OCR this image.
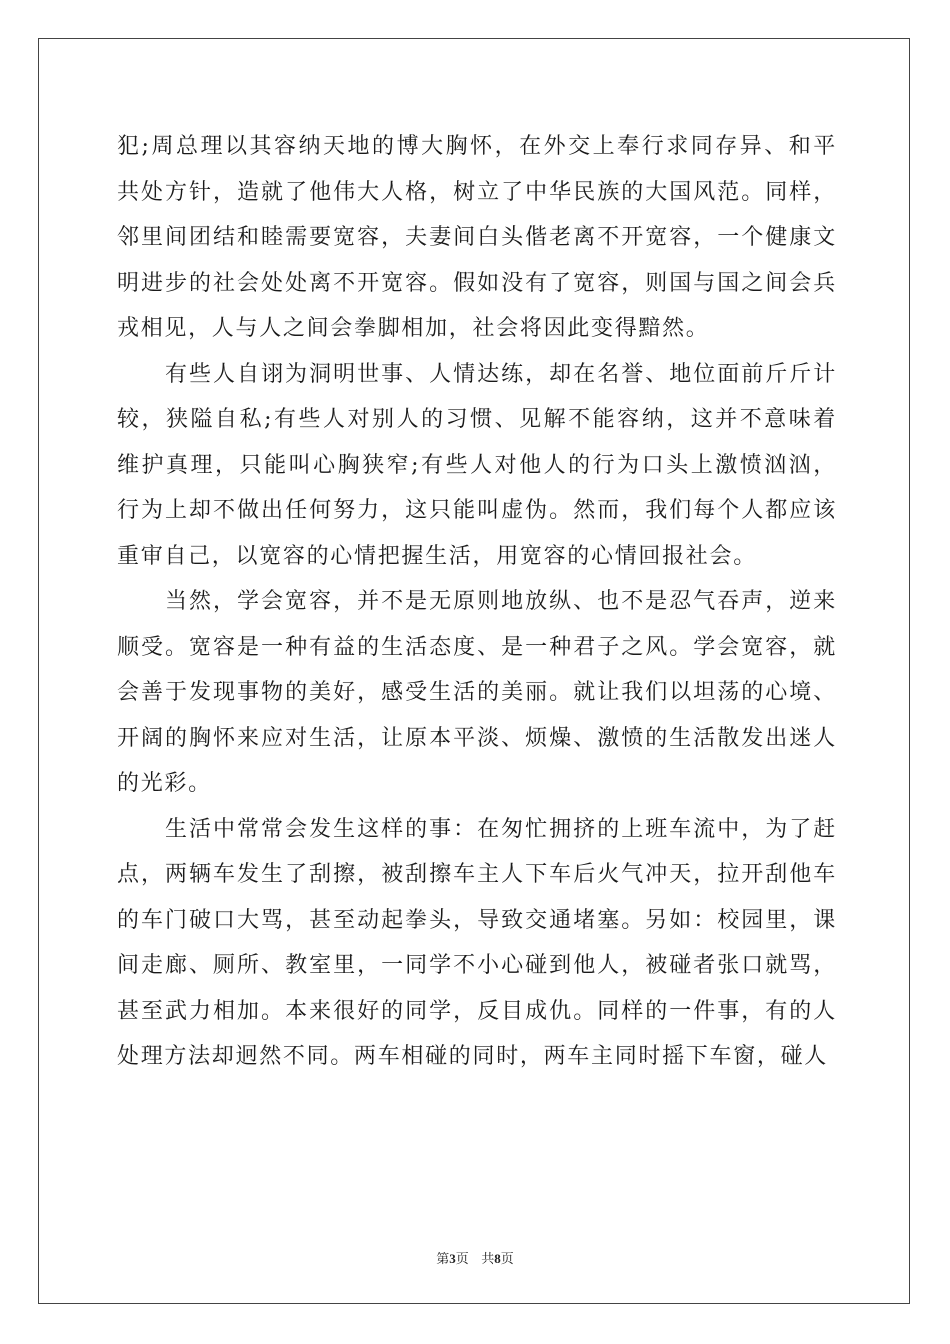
犯;周总理以其容纳天地的博大胸怀，在外交上奉行求同存异、和平共处方针，造就了他伟大人格，树立了中华民族的大国风范。同样，邻里间团结和睦需要宽容，夫妻间白头偕老离不开宽容，一个健康文明进步的社会处处离不开宽容。假如没有了宽容，则国与国之间会兵戎相见，人与人之间会拳脚相加，社会将因此变得黯然。

有些人自诩为洞明世事、人情达练，却在名誉、地位面前斤斤计较，狭隘自私;有些人对别人的习惯、见解不能容纳，这并不意味着维护真理，只能叫心胸狭窄;有些人对他人的行为口头上激愤汹汹，行为上却不做出任何努力，这只能叫虚伪。然而，我们每个人都应该重审自己，以宽容的心情把握生活，用宽容的心情回报社会。

当然，学会宽容，并不是无原则地放纵、也不是忍气吞声，逆来顺受。宽容是一种有益的生活态度、是一种君子之风。学会宽容，就会善于发现事物的美好，感受生活的美丽。就让我们以坦荡的心境、开阔的胸怀来应对生活，让原本平淡、烦燥、激愤的生活散发出迷人的光彩。

生活中常常会发生这样的事：在匆忙拥挤的上班车流中，为了赶点，两辆车发生了刮擦，被刮擦车主人下车后火气冲天，拉开刮他车的车门破口大骂，甚至动起拳头，导致交通堵塞。另如：校园里，课间走廊、厕所、教室里，一同学不小心碰到他人，被碰者张口就骂，甚至武力相加。本来很好的同学，反目成仇。同样的一件事，有的人处理方法却迥然不同。两车相碰的同时，两车主同时摇下车窗，碰人

第3页 共8页
